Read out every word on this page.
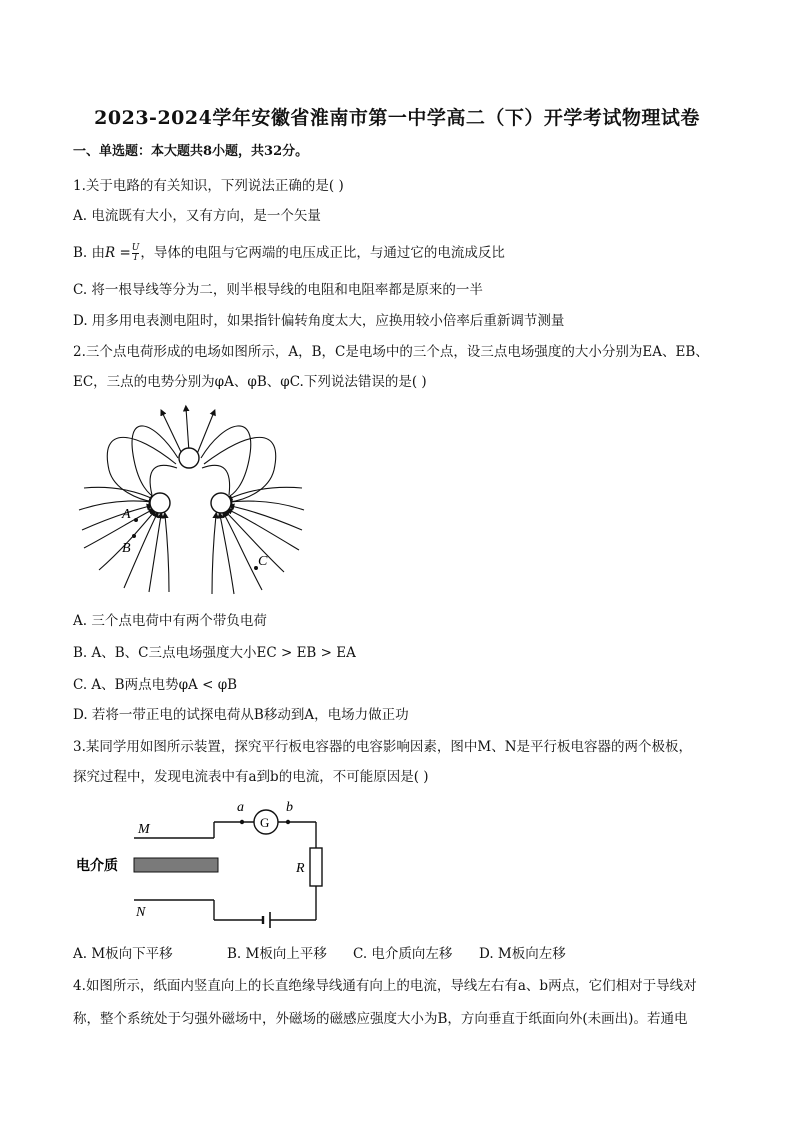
2023-2024学年安徽省淮南市第一中学高二（下）开学考试物理试卷
一、单选题：本大题共8小题，共32分。
1.关于电路的有关知识，下列说法正确的是( )
A. 电流既有大小，又有方向，是一个矢量
B. 由$R = \frac{U}{I}$ ，导体的电阻与它两端的电压成正比，与通过它的电流成反比
C. 将一根导线等分为二，则半根导线的电阻和电阻率都是原来的一半
D. 用多用电表测电阻时，如果指针偏转角度太大，应换用较小倍率后重新调节测量
2.三个点电荷形成的电场如图所示，A，B，C是电场中的三个点，设三点电场强度的大小分别为EA、EB、
EC，三点的电势分别为φA、φB、φC.下列说法错误的是( )
A
B
C
A. 三个点电荷中有两个带负电荷
B. A、B、C三点电场强度大小EC > EB > EA
C. A、B两点电势φA < φB
D. 若将一带正电的试探电荷从B移动到A，电场力做正功
3.某同学用如图所示装置，探究平行板电容器的电容影响因素，图中M、N是平行板电容器的两个极板，
探究过程中，发现电流表中有a到b的电流，不可能原因是( )
a	b
G
M
N
R
电介质
A. M板向下平移	B. M板向上平移 C. 电介质向左移 D. M板向左移
4.如图所示，纸面内竖直向上的长直绝缘导线通有向上的电流，导线左右有a、b两点，它们相对于导线对
称，整个系统处于匀强外磁场中，外磁场的磁感应强度大小为B，方向垂直于纸面向外(未画出)。若通电
